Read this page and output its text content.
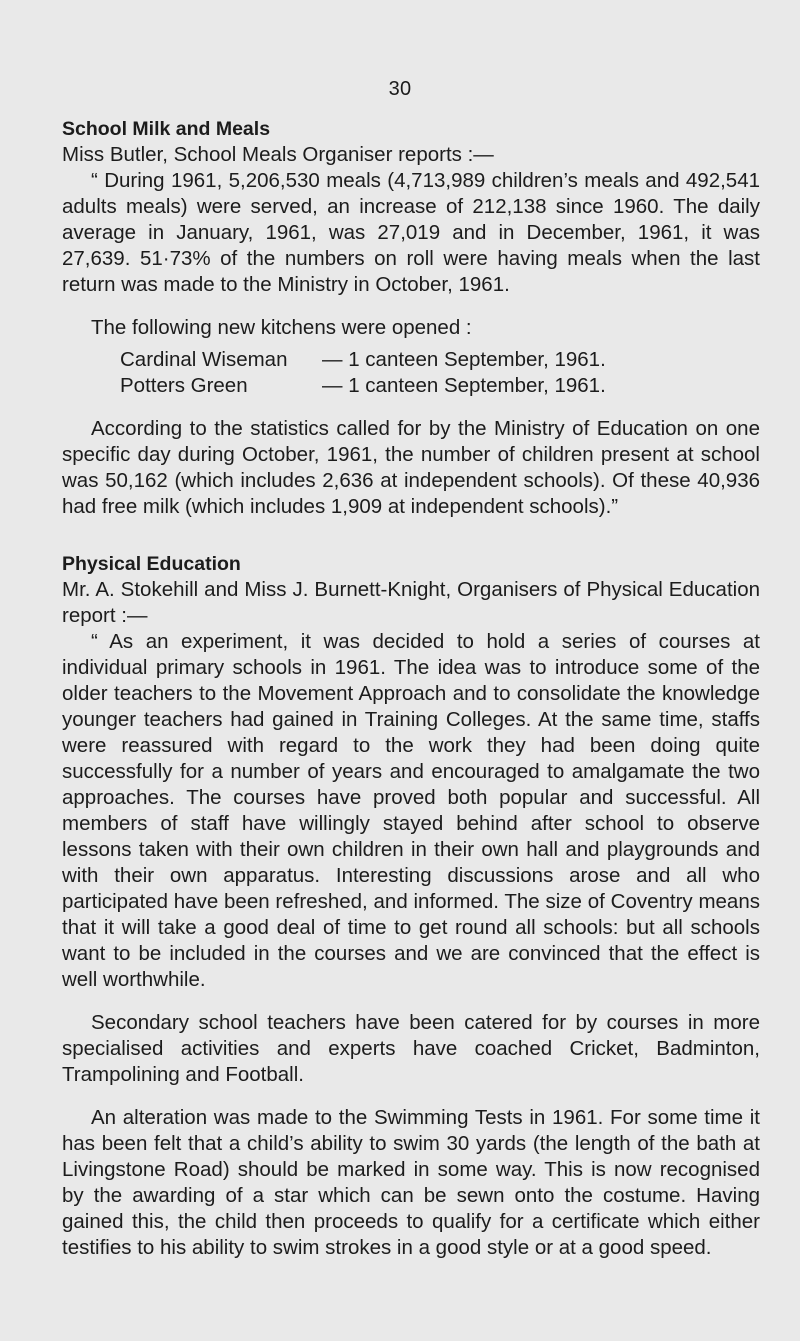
30
School Milk and Meals

Miss Butler, School Meals Organiser reports :—

“ During 1961, 5,206,530 meals (4,713,989 children’s meals and 492,541 adults meals) were served, an increase of 212,138 since 1960. The daily average in January, 1961, was 27,019 and in December, 1961, it was 27,639. 51·73% of the numbers on roll were having meals when the last return was made to the Ministry in October, 1961.

The following new kitchens were opened :

Cardinal Wiseman	— 1 canteen September, 1961.
Potters Green	— 1 canteen September, 1961.

According to the statistics called for by the Ministry of Education on one specific day during October, 1961, the number of children present at school was 50,162 (which includes 2,636 at independent schools). Of these 40,936 had free milk (which includes 1,909 at independent schools).”

Physical Education

Mr. A. Stokehill and Miss J. Burnett-Knight, Organisers of Physical Education report :—

“ As an experiment, it was decided to hold a series of courses at individual primary schools in 1961. The idea was to introduce some of the older teachers to the Movement Approach and to consolidate the knowledge younger teachers had gained in Training Colleges. At the same time, staffs were reassured with regard to the work they had been doing quite successfully for a number of years and encouraged to amalgamate the two approaches. The courses have proved both popular and successful. All members of staff have willingly stayed behind after school to observe lessons taken with their own children in their own hall and playgrounds and with their own apparatus. Interesting discussions arose and all who participated have been refreshed, and informed. The size of Coventry means that it will take a good deal of time to get round all schools: but all schools want to be included in the courses and we are convinced that the effect is well worthwhile.

Secondary school teachers have been catered for by courses in more specialised activities and experts have coached Cricket, Badminton, Trampolining and Football.

An alteration was made to the Swimming Tests in 1961. For some time it has been felt that a child’s ability to swim 30 yards (the length of the bath at Livingstone Road) should be marked in some way. This is now recognised by the awarding of a star which can be sewn onto the costume. Having gained this, the child then proceeds to qualify for a certificate which either testifies to his ability to swim strokes in a good style or at a good speed.
